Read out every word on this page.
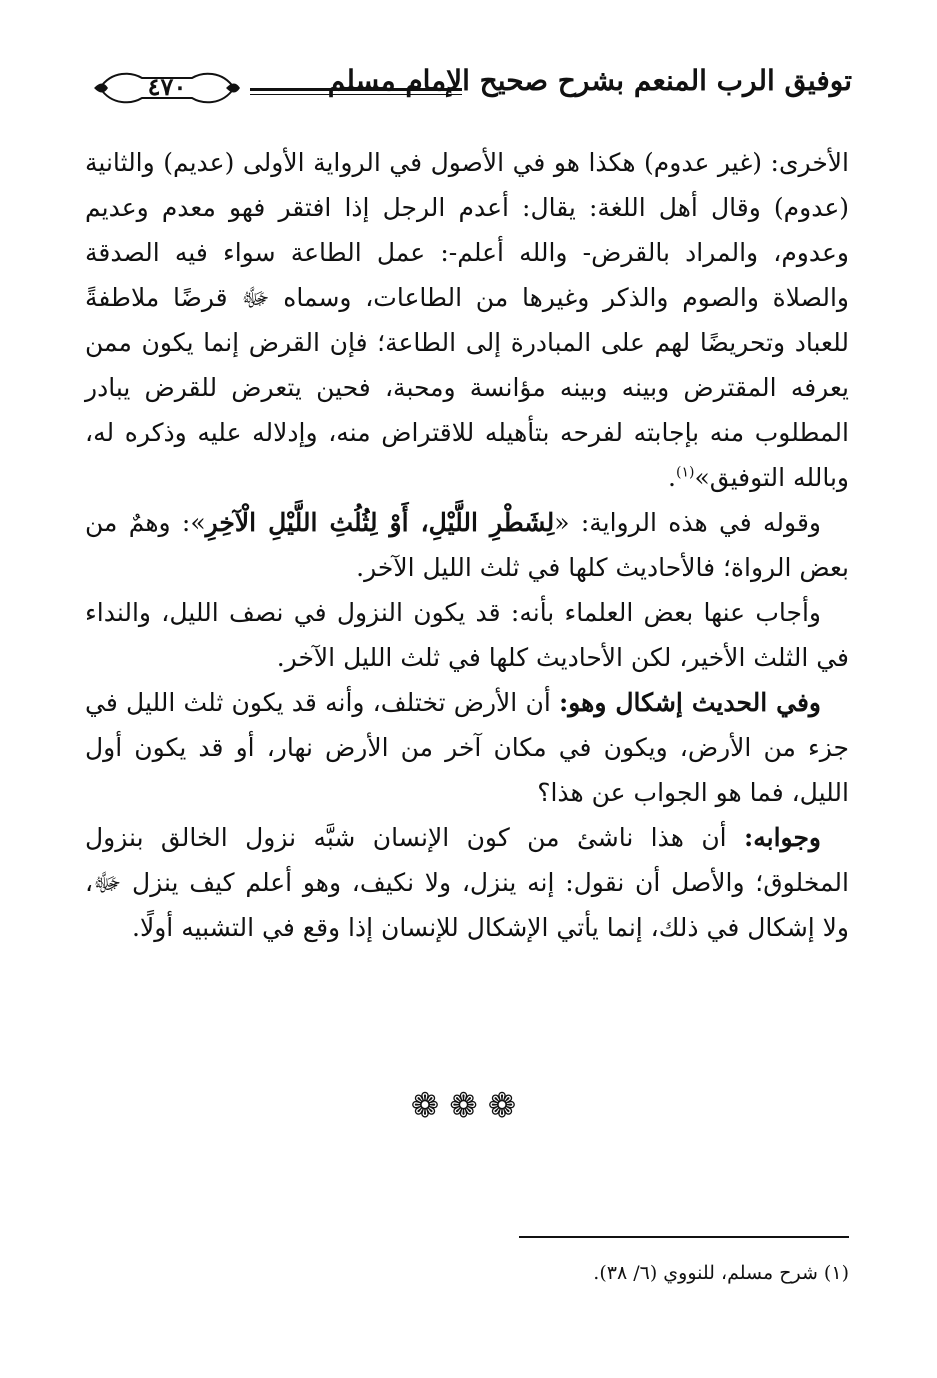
توفيق الرب المنعم بشرح صحيح الإمام مسلم
٤٧٠

الأخرى: (غير عدوم) هكذا هو في الأصول في الرواية الأولى (عديم) والثانية (عدوم) وقال أهل اللغة: يقال: أعدم الرجل إذا افتقر فهو معدم وعديم وعدوم، والمراد بالقرض- والله أعلم-: عمل الطاعة سواء فيه الصدقة والصلاة والصوم والذكر وغيرها من الطاعات، وسماه ﷻ قرضًا ملاطفةً للعباد وتحريضًا لهم على المبادرة إلى الطاعة؛ فإن القرض إنما يكون ممن يعرفه المقترض وبينه وبينه مؤانسة ومحبة، فحين يتعرض للقرض يبادر المطلوب منه بإجابته لفرحه بتأهيله للاقتراض منه، وإدلاله عليه وذكره له، وبالله التوفيق»$^{(١)}$.

وقوله في هذه الرواية: «لِشَطْرِ اللَّيْلِ، أَوْ لِثُلُثِ اللَّيْلِ الْآخِرِ»: وهمٌ من بعض الرواة؛ فالأحاديث كلها في ثلث الليل الآخر.

وأجاب عنها بعض العلماء بأنه: قد يكون النزول في نصف الليل، والنداء في الثلث الأخير، لكن الأحاديث كلها في ثلث الليل الآخر.

وفي الحديث إشكال وهو: أن الأرض تختلف، وأنه قد يكون ثلث الليل في جزء من الأرض، ويكون في مكان آخر من الأرض نهار، أو قد يكون أول الليل، فما هو الجواب عن هذا؟

وجوابه: أن هذا ناشئ من كون الإنسان شبَّه نزول الخالق بنزول المخلوق؛ والأصل أن نقول: إنه ينزل، ولا نكيف، وهو أعلم كيف ينزل ﷻ، ولا إشكال في ذلك، إنما يأتي الإشكال للإنسان إذا وقع في التشبيه أولًا.

❁❁❁
(١) شرح مسلم، للنووي (٦/ ٣٨).
